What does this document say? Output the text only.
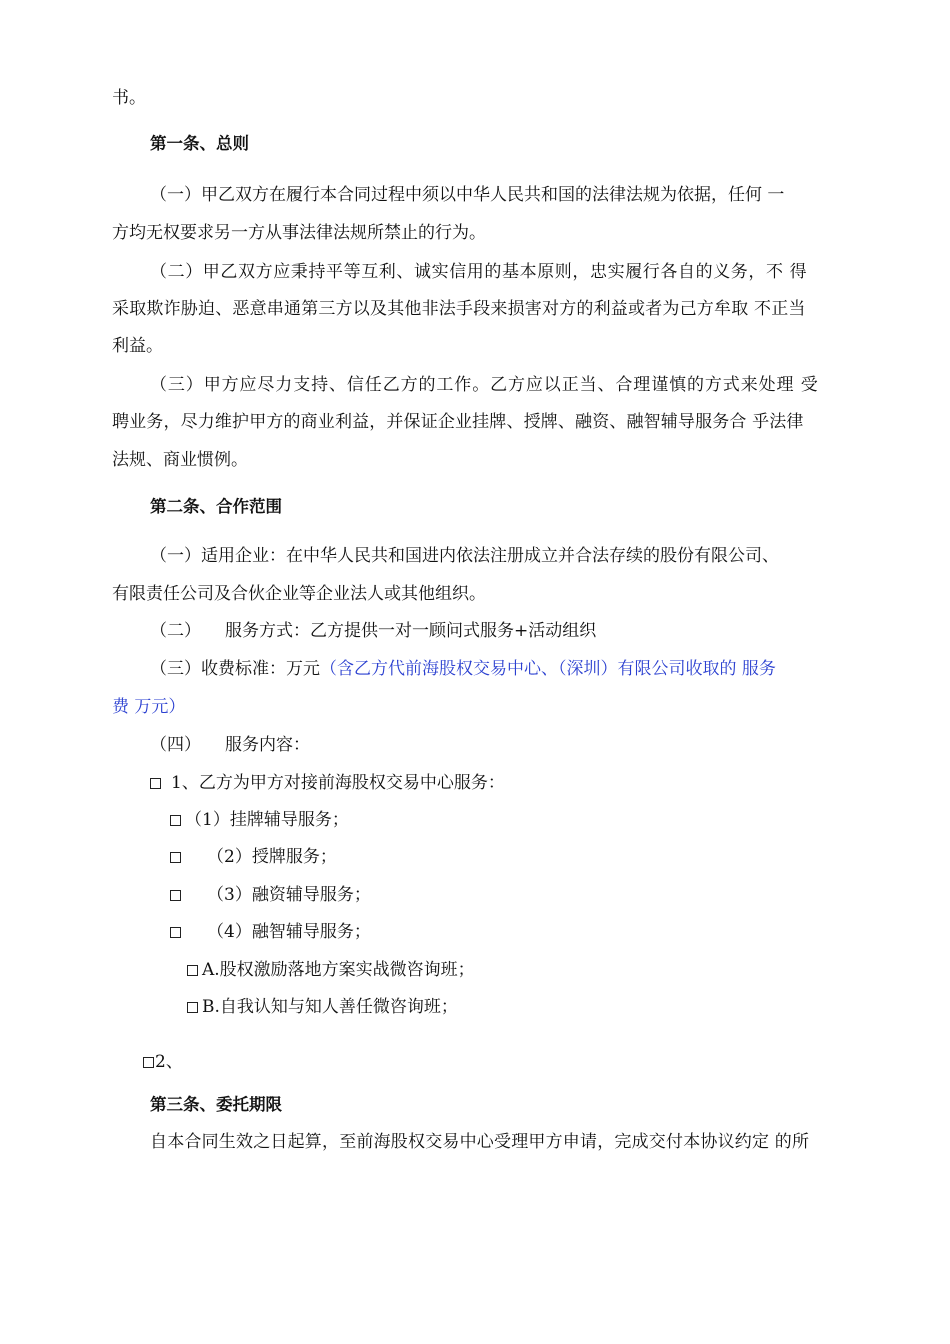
书。
第一条、总则
（一）甲乙双方在履行本合同过程中须以中华人民共和国的法律法规为依据，任何 一
方均无权要求另一方从事法律法规所禁止的行为。
（二）甲乙双方应秉持平等互利、诚实信用的基本原则，忠实履行各自的义务，不 得
采取欺诈胁迫、恶意串通第三方以及其他非法手段来损害对方的利益或者为己方牟取 不正当
利益。
（三）甲方应尽力支持、信任乙方的工作。乙方应以正当、合理谨慎的方式来处理 受
聘业务，尽力维护甲方的商业利益，并保证企业挂牌、授牌、融资、融智辅导服务合 乎法律
法规、商业惯例。
第二条、合作范围
（一）适用企业：在中华人民共和国进内依法注册成立并合法存续的股份有限公司、
有限责任公司及合伙企业等企业法人或其他组织。
（二） 服务方式：乙方提供一对一顾问式服务+活动组织
（三）收费标准：万元（含乙方代前海股权交易中心、（深圳）有限公司收取的 服务
费 万元）
（四） 服务内容：
1、乙方为甲方对接前海股权交易中心服务：
（1）挂牌辅导服务；
（2）授牌服务；
（3）融资辅导服务；
（4）融智辅导服务；
A.股权激励落地方案实战微咨询班；
B.自我认知与知人善任微咨询班；
2、
第三条、委托期限
自本合同生效之日起算，至前海股权交易中心受理甲方申请，完成交付本协议约定 的所
